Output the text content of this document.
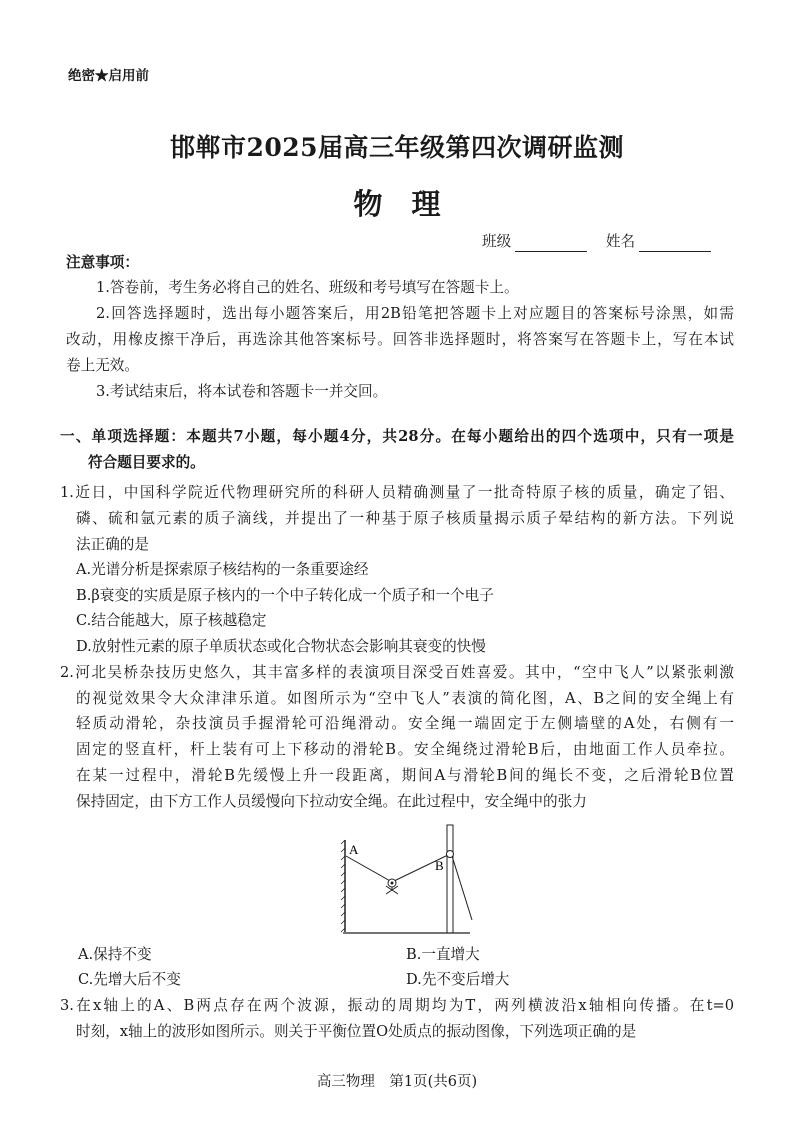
绝密★启用前
邯郸市2025届高三年级第四次调研监测
物　理
班级	姓名
注意事项：
1.答卷前，考生务必将自己的姓名、班级和考号填写在答题卡上。
2.回答选择题时，选出每小题答案后，用2B铅笔把答题卡上对应题目的答案标号涂黑，如需
改动，用橡皮擦干净后，再选涂其他答案标号。回答非选择题时，将答案写在答题卡上，写在本试
卷上无效。
3.考试结束后，将本试卷和答题卡一并交回。
一、单项选择题：本题共7小题，每小题4分，共28分。在每小题给出的四个选项中，只有一项是
符合题目要求的。
1.近日，中国科学院近代物理研究所的科研人员精确测量了一批奇特原子核的质量，确定了铝、
磷、硫和氩元素的质子滴线，并提出了一种基于原子核质量揭示质子晕结构的新方法。下列说
法正确的是
A.光谱分析是探索原子核结构的一条重要途经
B.β衰变的实质是原子核内的一个中子转化成一个质子和一个电子
C.结合能越大，原子核越稳定
D.放射性元素的原子单质状态或化合物状态会影响其衰变的快慢
2.河北吴桥杂技历史悠久，其丰富多样的表演项目深受百姓喜爱。其中，“空中飞人”以紧张刺激
的视觉效果令大众津津乐道。如图所示为“空中飞人”表演的简化图，A、B之间的安全绳上有
轻质动滑轮，杂技演员手握滑轮可沿绳滑动。安全绳一端固定于左侧墙壁的A处，右侧有一
固定的竖直杆，杆上装有可上下移动的滑轮B。安全绳绕过滑轮B后，由地面工作人员牵拉。
在某一过程中，滑轮B先缓慢上升一段距离，期间A与滑轮B间的绳长不变，之后滑轮B位置
保持固定，由下方工作人员缓慢向下拉动安全绳。在此过程中，安全绳中的张力
A
B
A.保持不变	B.一直增大
C.先增大后不变	D.先不变后增大
3.在x轴上的A、B两点存在两个波源，振动的周期均为T，两列横波沿x轴相向传播。在t=0
时刻，x轴上的波形如图所示。则关于平衡位置O处质点的振动图像，下列选项正确的是
高三物理　第1页(共6页)
